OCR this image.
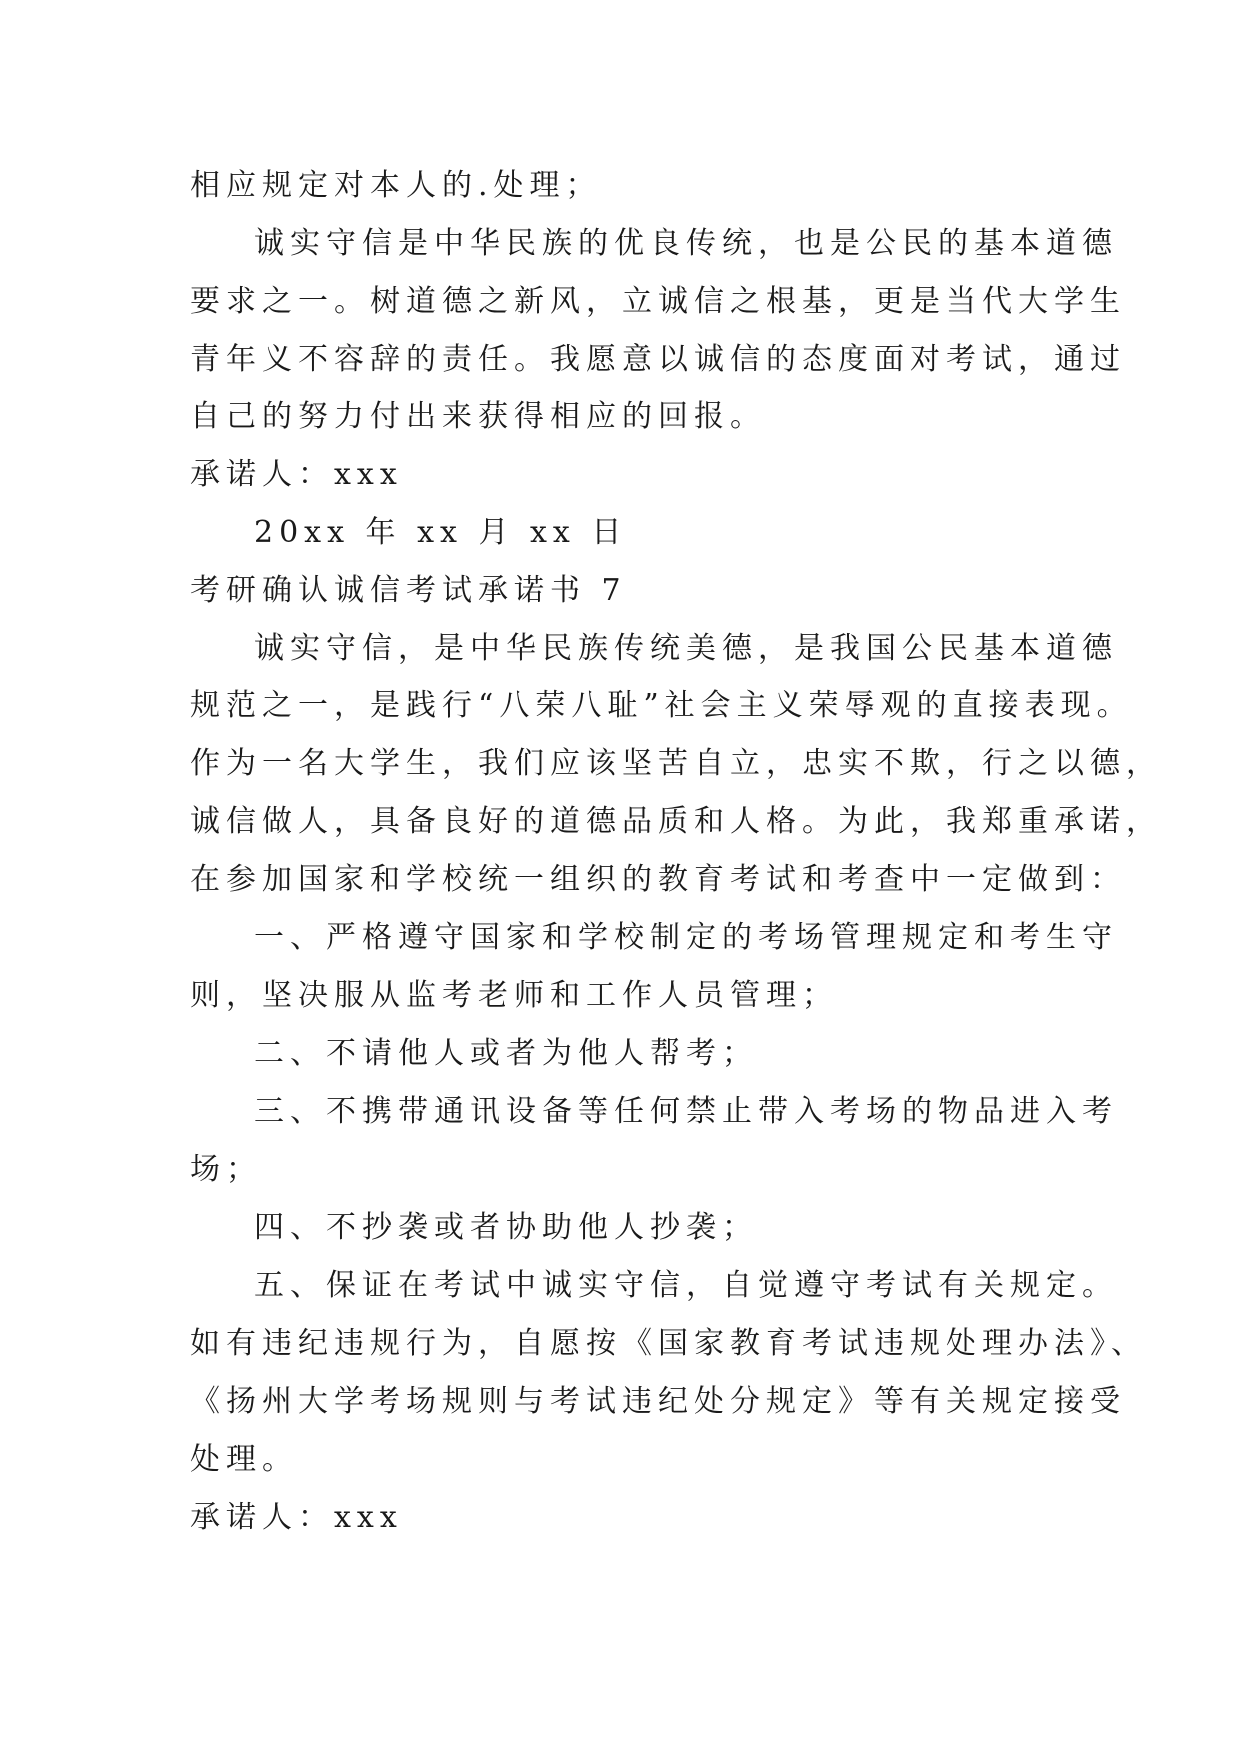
相应规定对本人的.处理；
诚实守信是中华民族的优良传统，也是公民的基本道德
要求之一。树道德之新风，立诚信之根基，更是当代大学生
青年义不容辞的责任。我愿意以诚信的态度面对考试，通过
自己的努力付出来获得相应的回报。
承诺人：xxx
20xx 年 xx 月 xx 日
考研确认诚信考试承诺书 7
诚实守信，是中华民族传统美德，是我国公民基本道德
规范之一，是践行“八荣八耻”社会主义荣辱观的直接表现。
作为一名大学生，我们应该坚苦自立，忠实不欺，行之以德，
诚信做人，具备良好的道德品质和人格。为此，我郑重承诺，
在参加国家和学校统一组织的教育考试和考查中一定做到：
一、严格遵守国家和学校制定的考场管理规定和考生守
则，坚决服从监考老师和工作人员管理；
二、不请他人或者为他人帮考；
三、不携带通讯设备等任何禁止带入考场的物品进入考
场；
四、不抄袭或者协助他人抄袭；
五、保证在考试中诚实守信，自觉遵守考试有关规定。
如有违纪违规行为，自愿按《国家教育考试违规处理办法》、
《扬州大学考场规则与考试违纪处分规定》等有关规定接受
处理。
承诺人：xxx
